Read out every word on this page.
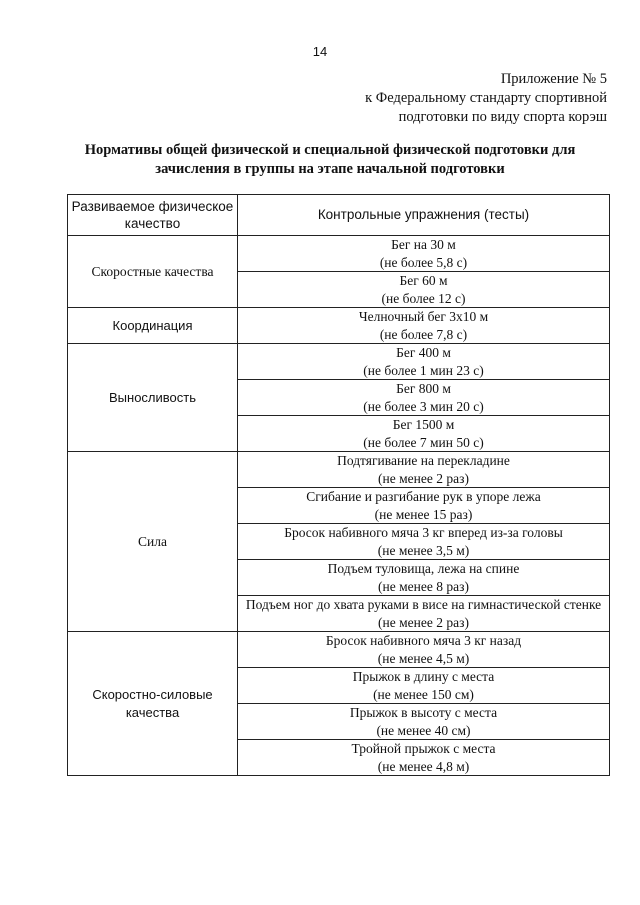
14
Приложение № 5
к Федеральному стандарту спортивной
подготовки по виду спорта корэш
Нормативы общей физической и специальной физической подготовки для
зачисления в группы на этапе начальной подготовки
Развиваемое физическое качество	Контрольные упражнения (тесты)
Скоростные качества	Бег на 30 м
(не более 5,8 с)

	Бег 60 м
(не более 12 с)

Координация	Челночный бег 3x10 м
(не более 7,8 с)

Выносливость	Бег 400 м
(не более 1 мин 23 с)

	Бег 800 м
(не более 3 мин 20 с)

	Бег 1500 м
(не более 7 мин 50 с)

Сила	Подтягивание на перекладине
(не менее 2 раз)

	Сгибание и разгибание рук в упоре лежа
(не менее 15 раз)

	Бросок набивного мяча 3 кг вперед из-за головы
(не менее 3,5 м)

	Подъем туловища, лежа на спине
(не менее 8 раз)

	Подъем ног до хвата руками в висе на гимнастической стенке
(не менее 2 раз)

Скоростно-силовые качества	Бросок набивного мяча 3 кг назад
(не менее 4,5 м)

	Прыжок в длину с места
(не менее 150 см)

	Прыжок в высоту с места
(не менее 40 см)

	Тройной прыжок с места
(не менее 4,8 м)
